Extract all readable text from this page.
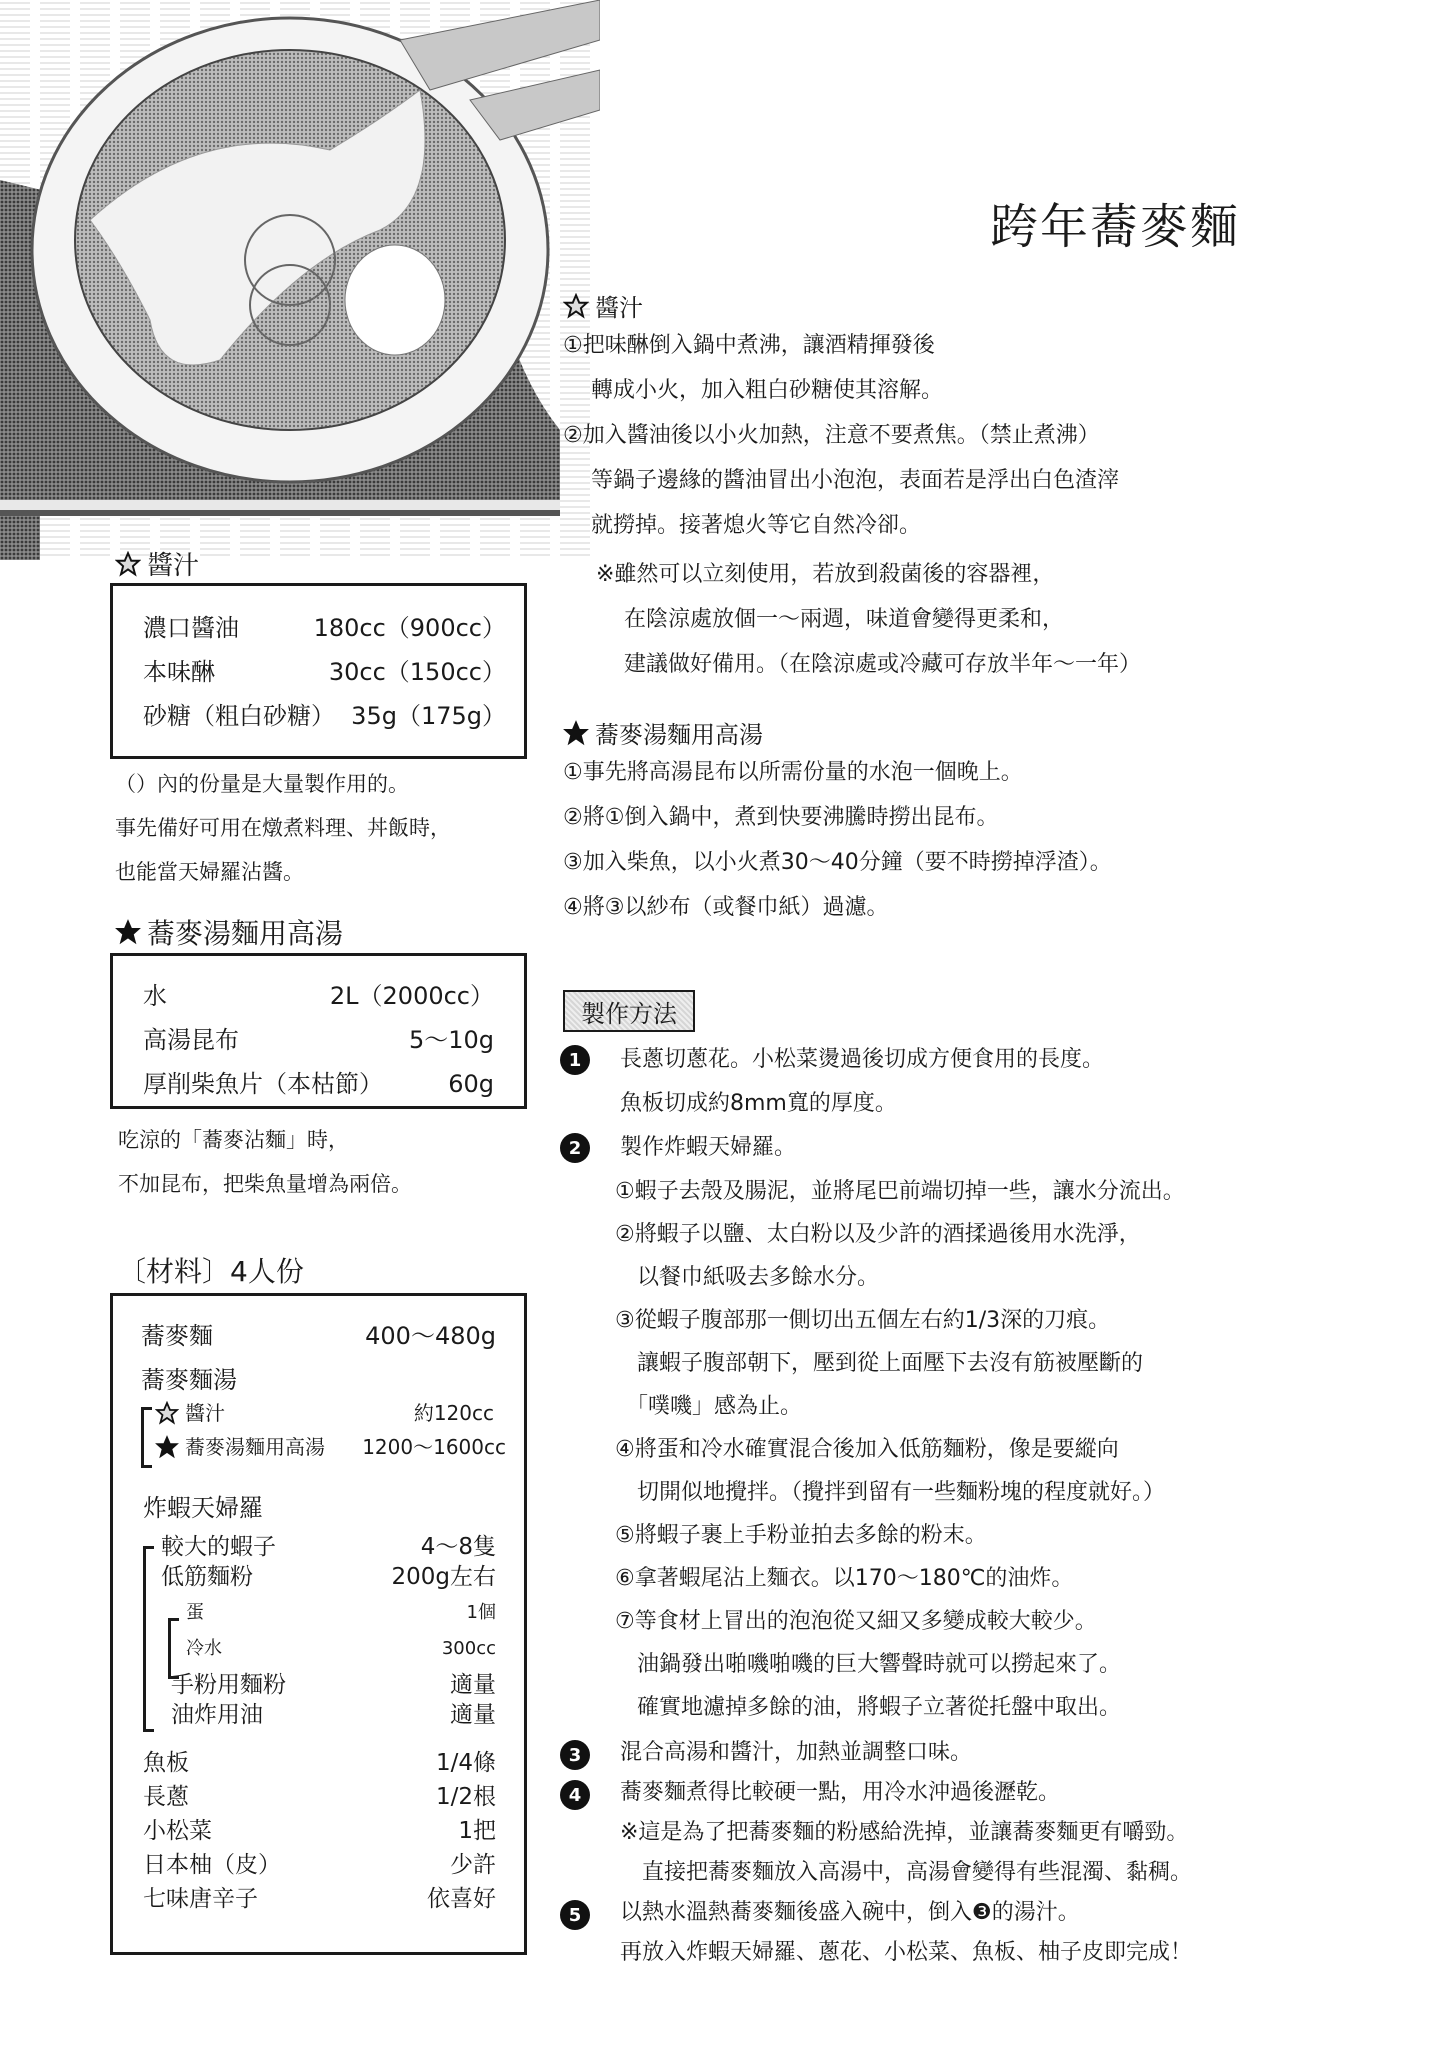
跨年蕎麥麵
醬汁
①把味醂倒入鍋中煮沸，讓酒精揮發後
轉成小火，加入粗白砂糖使其溶解。
②加入醬油後以小火加熱，注意不要煮焦。（禁止煮沸）
等鍋子邊緣的醬油冒出小泡泡，表面若是浮出白色渣滓
就撈掉。接著熄火等它自然冷卻。
※雖然可以立刻使用，若放到殺菌後的容器裡，
在陰涼處放個一～兩週，味道會變得更柔和，
建議做好備用。（在陰涼處或冷藏可存放半年～一年）
蕎麥湯麵用高湯
①事先將高湯昆布以所需份量的水泡一個晚上。
②將①倒入鍋中，煮到快要沸騰時撈出昆布。
③加入柴魚，以小火煮30～40分鐘（要不時撈掉浮渣）。
④將③以紗布（或餐巾紙）過濾。
製作方法
1	長蔥切蔥花。小松菜燙過後切成方便食用的長度。
魚板切成約8mm寬的厚度。
2	製作炸蝦天婦羅。
①蝦子去殼及腸泥，並將尾巴前端切掉一些，讓水分流出。
②將蝦子以鹽、太白粉以及少許的酒揉過後用水洗淨，
　以餐巾紙吸去多餘水分。
③從蝦子腹部那一側切出五個左右約1/3深的刀痕。
　讓蝦子腹部朝下，壓到從上面壓下去沒有筋被壓斷的
　「噗嘰」感為止。
④將蛋和冷水確實混合後加入低筋麵粉，像是要縱向
　切開似地攪拌。（攪拌到留有一些麵粉塊的程度就好。）
⑤將蝦子裹上手粉並拍去多餘的粉末。
⑥拿著蝦尾沾上麵衣。以170～180℃的油炸。
⑦等食材上冒出的泡泡從又細又多變成較大較少。
　油鍋發出啪嘰啪嘰的巨大響聲時就可以撈起來了。
　確實地濾掉多餘的油，將蝦子立著從托盤中取出。
3	混合高湯和醬汁，加熱並調整口味。
4	蕎麥麵煮得比較硬一點，用冷水沖過後瀝乾。
※這是為了把蕎麥麵的粉感給洗掉，並讓蕎麥麵更有嚼勁。
　直接把蕎麥麵放入高湯中，高湯會變得有些混濁、黏稠。
5	以熱水溫熱蕎麥麵後盛入碗中，倒入❸的湯汁。
再放入炸蝦天婦羅、蔥花、小松菜、魚板、柚子皮即完成！
醬汁
濃口醬油	180cc（900cc）
本味醂	30cc（150cc）
砂糖（粗白砂糖） 35g（175g）
（）內的份量是大量製作用的。
事先備好可用在燉煮料理、丼飯時，
也能當天婦羅沾醬。
蕎麥湯麵用高湯
水	2L（2000cc）
高湯昆布	5～10g
厚削柴魚片（本枯節）	60g
吃涼的「蕎麥沾麵」時，
不加昆布，把柴魚量增為兩倍。
〔材料〕4人份
蕎麥麵	400～480g
蕎麥麵湯
醬汁	約120cc
蕎麥湯麵用高湯 1200～1600cc
炸蝦天婦羅
較大的蝦子	4～8隻
低筋麵粉	200g左右
蛋	1個
冷水	300cc
手粉用麵粉	適量
油炸用油	適量
魚板	1/4條
長蔥	1/2根
小松菜	1把
日本柚（皮）	少許
七味唐辛子	依喜好
